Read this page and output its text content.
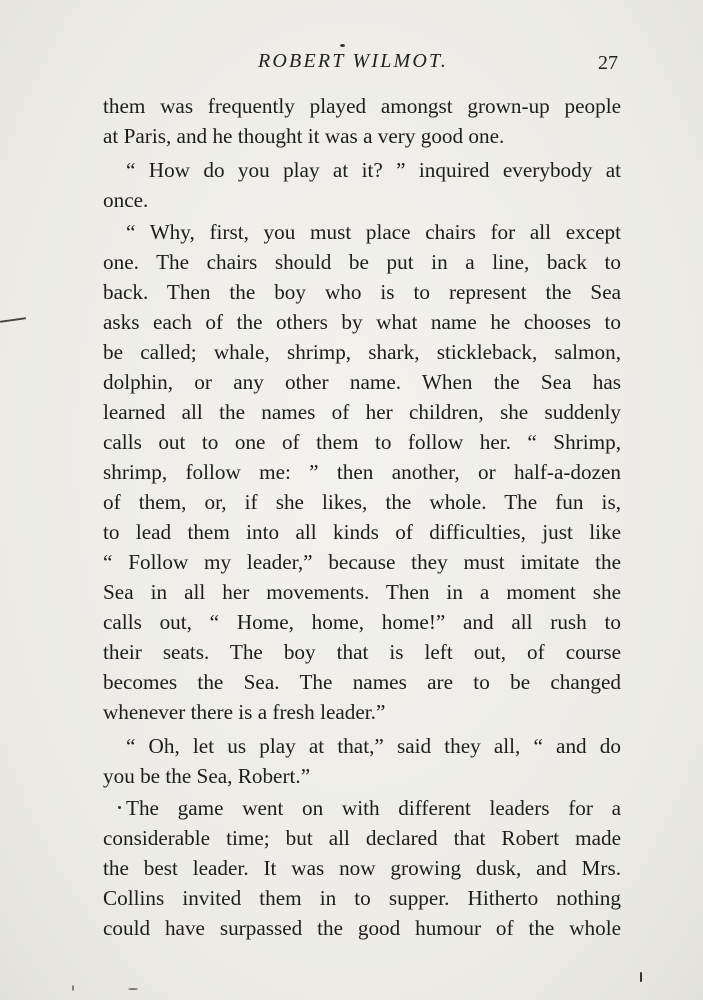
ROBERT WILMOT.	27
them was frequently played amongst grown-up people
at Paris, and he thought it was a very good one.
“ How do you play at it? ” inquired everybody at
once.
“ Why, first, you must place chairs for all except
one. The chairs should be put in a line, back to
back. Then the boy who is to represent the Sea
asks each of the others by what name he chooses to
be called; whale, shrimp, shark, stickleback, salmon,
dolphin, or any other name. When the Sea has
learned all the names of her children, she suddenly
calls out to one of them to follow her. “ Shrimp,
shrimp, follow me: ” then another, or half-a-dozen
of them, or, if she likes, the whole. The fun is,
to lead them into all kinds of difficulties, just like
“ Follow my leader,” because they must imitate the
Sea in all her movements. Then in a moment she
calls out, “ Home, home, home!” and all rush to
their seats. The boy that is left out, of course
becomes the Sea. The names are to be changed
whenever there is a fresh leader.”
“ Oh, let us play at that,” said they all, “ and do
you be the Sea, Robert.”
The game went on with different leaders for a
considerable time; but all declared that Robert made
the best leader. It was now growing dusk, and Mrs.
Collins invited them in to supper. Hitherto nothing
could have surpassed the good humour of the whole
